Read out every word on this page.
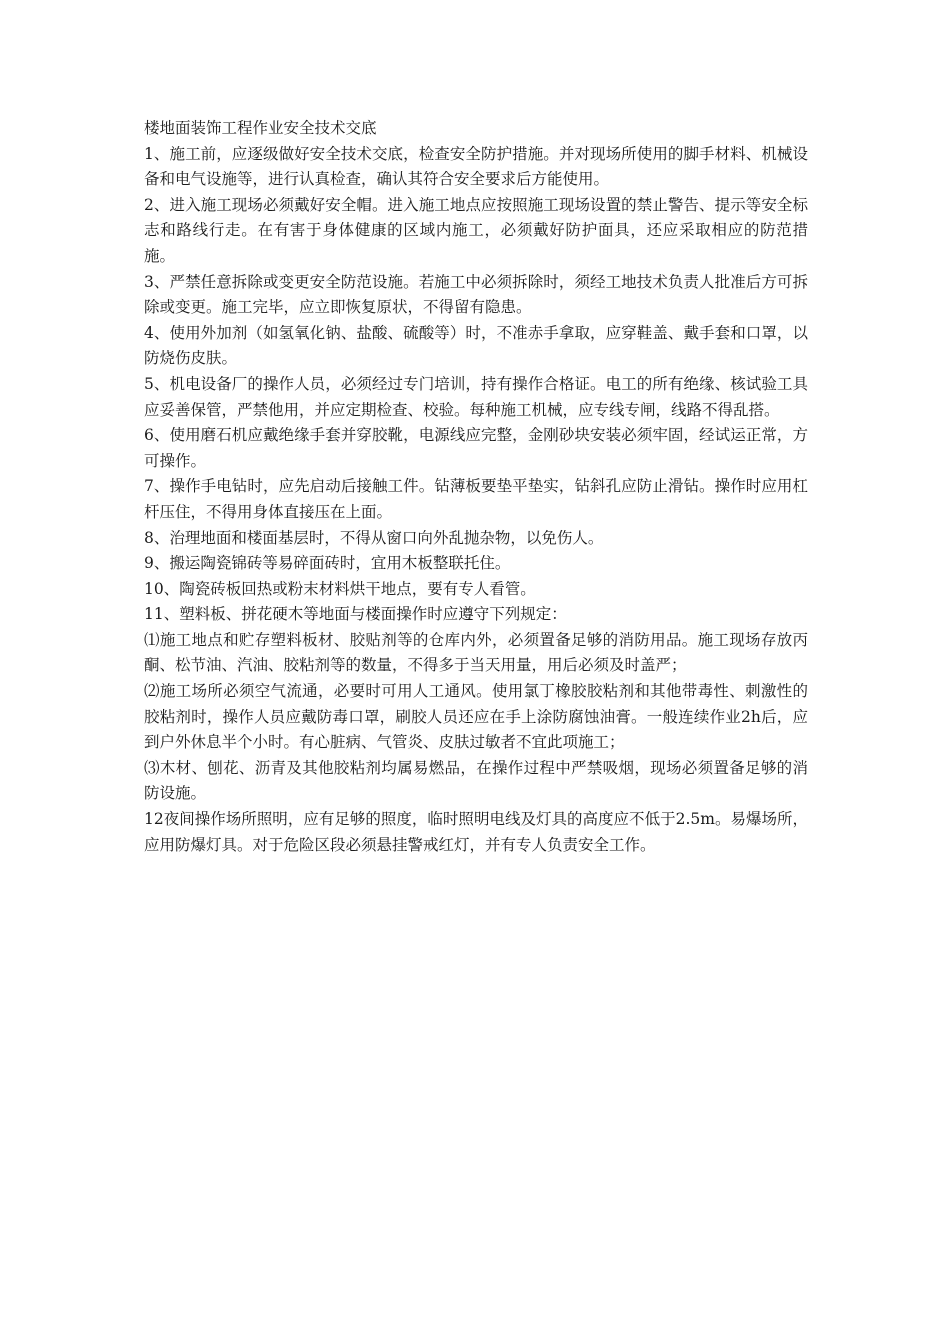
楼地面装饰工程作业安全技术交底

1、施工前，应逐级做好安全技术交底，检查安全防护措施。并对现场所使用的脚手材料、机械设备和电气设施等，进行认真检查，确认其符合安全要求后方能使用。

2、进入施工现场必须戴好安全帽。进入施工地点应按照施工现场设置的禁止警告、提示等安全标志和路线行走。在有害于身体健康的区域内施工，必须戴好防护面具，还应采取相应的防范措施。

3、严禁任意拆除或变更安全防范设施。若施工中必须拆除时，须经工地技术负责人批准后方可拆除或变更。施工完毕，应立即恢复原状，不得留有隐患。

4、使用外加剂（如氢氧化钠、盐酸、硫酸等）时，不准赤手拿取，应穿鞋盖、戴手套和口罩，以防烧伤皮肤。

5、机电设备厂的操作人员，必须经过专门培训，持有操作合格证。电工的所有绝缘、核试验工具应妥善保管，严禁他用，并应定期检查、校验。每种施工机械，应专线专闸，线路不得乱搭。

6、使用磨石机应戴绝缘手套并穿胶靴，电源线应完整，金刚砂块安装必须牢固，经试运正常，方可操作。

7、操作手电钻时，应先启动后接触工件。钻薄板要垫平垫实，钻斜孔应防止滑钻。操作时应用杠杆压住，不得用身体直接压在上面。

8、治理地面和楼面基层时，不得从窗口向外乱抛杂物，以免伤人。

9、搬运陶瓷锦砖等易碎面砖时，宜用木板整联托住。

10、陶瓷砖板回热或粉末材料烘干地点，要有专人看管。

11、塑料板、拼花硬木等地面与楼面操作时应遵守下列规定：

⑴施工地点和贮存塑料板材、胶贴剂等的仓库内外，必须置备足够的消防用品。施工现场存放丙酮、松节油、汽油、胶粘剂等的数量，不得多于当天用量，用后必须及时盖严；

⑵施工场所必须空气流通，必要时可用人工通风。使用氯丁橡胶胶粘剂和其他带毒性、刺激性的胶粘剂时，操作人员应戴防毒口罩，刷胶人员还应在手上涂防腐蚀油膏。一般连续作业2h后，应到户外休息半个小时。有心脏病、气管炎、皮肤过敏者不宜此项施工；

⑶木材、刨花、沥青及其他胶粘剂均属易燃品，在操作过程中严禁吸烟，现场必须置备足够的消防设施。

12夜间操作场所照明，应有足够的照度，临时照明电线及灯具的高度应不低于2.5m。易爆场所，应用防爆灯具。对于危险区段必须悬挂警戒红灯，并有专人负责安全工作。
